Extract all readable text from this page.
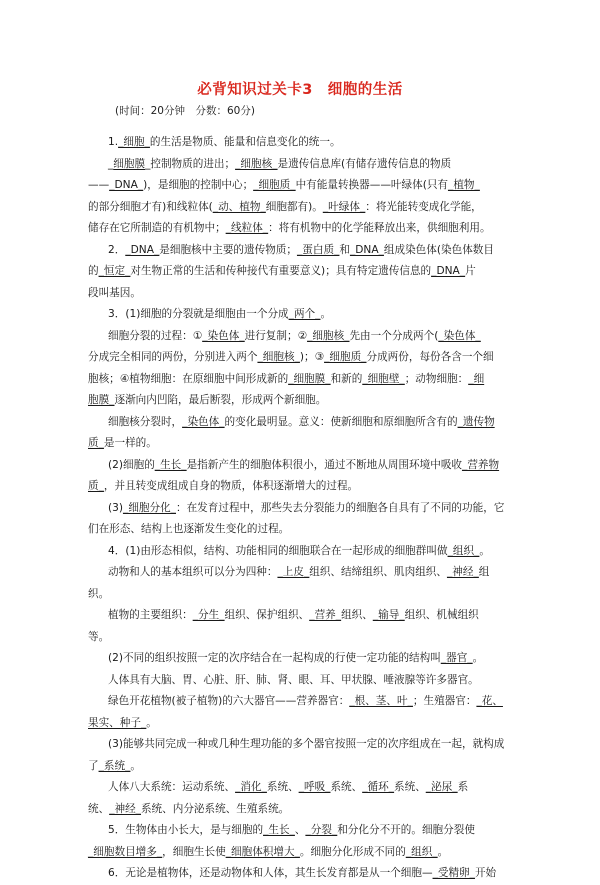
必背知识过关卡3　细胞的生活
(时间：20分钟　分数：60分)
1._细胞_的生活是物质、能量和信息变化的统一。
_细胞膜_控制物质的进出；_细胞核_是遗传信息库(有储存遗传信息的物质
——_DNA_)，是细胞的控制中心；_细胞质_中有能量转换器——叶绿体(只有_植物_
的部分细胞才有)和线粒体(_动、植物_细胞都有)。_叶绿体_：将光能转变成化学能，
储存在它所制造的有机物中；_线粒体_：将有机物中的化学能释放出来，供细胞利用。
2．_DNA_是细胞核中主要的遗传物质；_蛋白质_和_DNA_组成染色体(染色体数目
的_恒定_对生物正常的生活和传种接代有重要意义)；具有特定遗传信息的_DNA_片
段叫基因。
3．(1)细胞的分裂就是细胞由一个分成_两个_。
细胞分裂的过程：①_染色体_进行复制；②_细胞核_先由一个分成两个(_染色体_
分成完全相同的两份，分别进入两个_细胞核_)；③_细胞质_分成两份，每份各含一个细
胞核；④植物细胞：在原细胞中间形成新的_细胞膜_和新的_细胞壁_；动物细胞：_细
胞膜_逐渐向内凹陷，最后断裂，形成两个新细胞。
细胞核分裂时，_染色体_的变化最明显。意义：使新细胞和原细胞所含有的_遗传物
质_是一样的。
(2)细胞的_生长_是指新产生的细胞体积很小，通过不断地从周围环境中吸收_营养物
质_，并且转变成组成自身的物质，体积逐渐增大的过程。
(3)_细胞分化_：在发育过程中，那些失去分裂能力的细胞各自具有了不同的功能，它
们在形态、结构上也逐渐发生变化的过程。
4．(1)由形态相似，结构、功能相同的细胞联合在一起形成的细胞群叫做_组织_。
动物和人的基本组织可以分为四种：_上皮_组织、结缔组织、肌肉组织、_神经_组
织。
植物的主要组织：_分生_组织、保护组织、_营养_组织、_输导_组织、机械组织
等。
(2)不同的组织按照一定的次序结合在一起构成的行使一定功能的结构叫_器官_。
人体具有大脑、胃、心脏、肝、肺、肾、眼、耳、甲状腺、唾液腺等许多器官。
绿色开花植物(被子植物)的六大器官——营养器官：_根、茎、叶_；生殖器官：_花、
果实、种子_。
(3)能够共同完成一种或几种生理功能的多个器官按照一定的次序组成在一起，就构成
了_系统_。
人体八大系统：运动系统、_消化_系统、_呼吸_系统、_循环_系统、_泌尿_系
统、_神经_系统、内分泌系统、生殖系统。
5．生物体由小长大，是与细胞的_生长_、_分裂_和分化分不开的。细胞分裂使
_细胞数目增多_，细胞生长使_细胞体积增大_。细胞分化形成不同的_组织_。
6．无论是植物体，还是动物体和人体，其生长发育都是从一个细胞—_受精卵_开始
